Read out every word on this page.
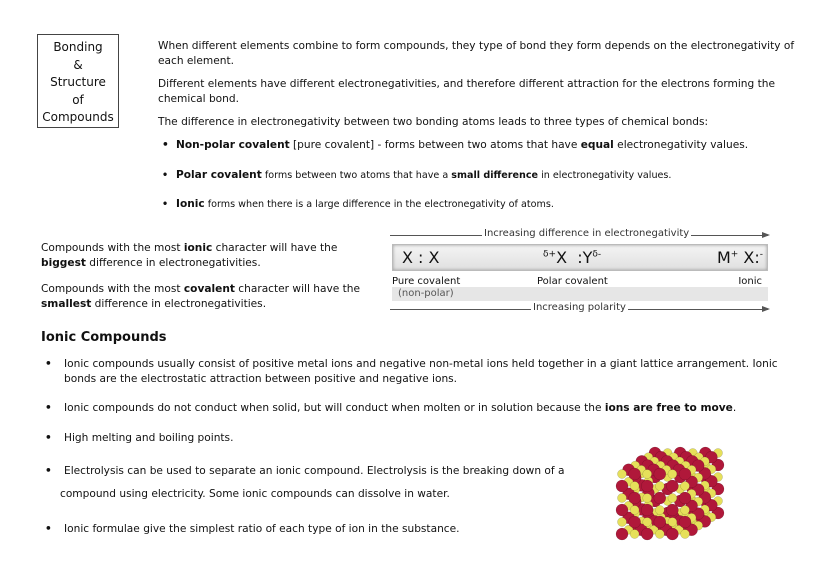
Bonding
&
Structure
of
Compounds
When different elements combine to form compounds, they type of bond they form depends on the electronegativity of each element.
Different elements have different electronegativities, and therefore different attraction for the electrons forming the chemical bond.
The difference in electronegativity between two bonding atoms leads to three types of chemical bonds:
• Non-polar covalent [pure covalent] - forms between two atoms that have equal electronegativity values.
• Polar covalent forms between two atoms that have a small difference in electronegativity values.
• Ionic forms when there is a large difference in the electronegativity of atoms.
Compounds with the most ionic character will have the biggest difference in electronegativities.
Compounds with the most covalent character will have the smallest difference in electronegativities.
Increasing difference in electronegativity
X : X	$^{\delta+}$X  $:Y^{\delta-}$	M+ X:-
Pure covalent
(non-polar)
Polar covalent	Ionic
Increasing polarity
Ionic Compounds
• Ionic compounds usually consist of positive metal ions and negative non-metal ions held together in a giant lattice arrangement. Ionic bonds are the electrostatic attraction between positive and negative ions.
• Ionic compounds do not conduct when solid, but will conduct when molten or in solution because the ions are free to move.
• High melting and boiling points.
• Electrolysis can be used to separate an ionic compound. Electrolysis is the breaking down of a
compound using electricity. Some ionic compounds can dissolve in water.
• Ionic formulae give the simplest ratio of each type of ion in the substance.
